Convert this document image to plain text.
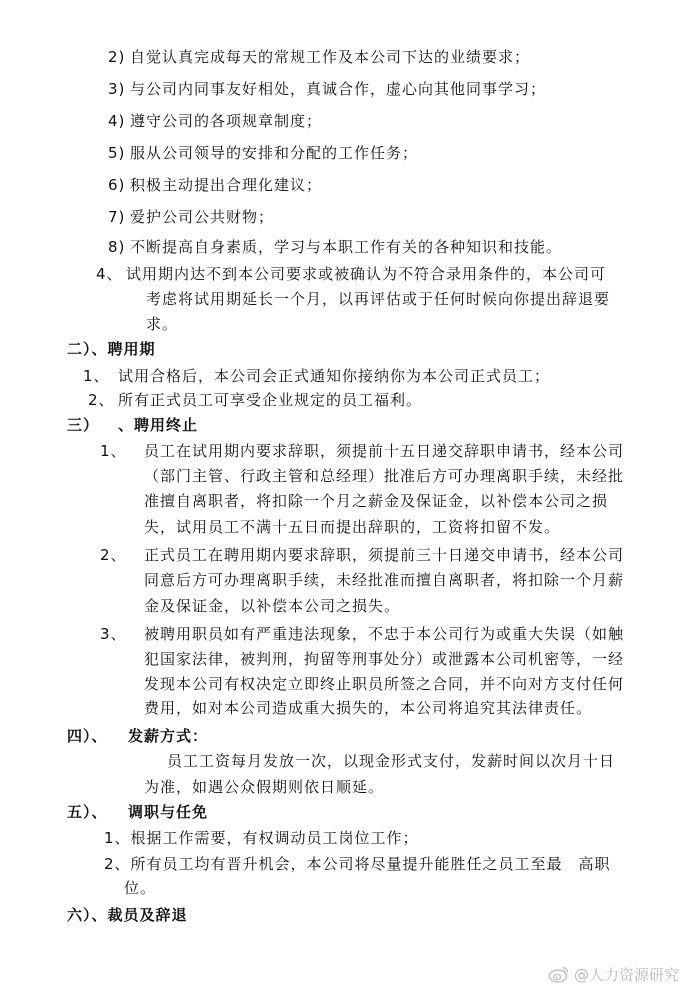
2) 自觉认真完成每天的常规工作及本公司下达的业绩要求；
3) 与公司内同事友好相处，真诚合作，虚心向其他同事学习；
4) 遵守公司的各项规章制度；
5) 服从公司领导的安排和分配的工作任务；
6) 积极主动提出合理化建议；
7) 爱护公司公共财物；
8) 不断提高自身素质，学习与本职工作有关的各种知识和技能。
4、 试用期内达不到本公司要求或被确认为不符合录用条件的，本公司可
考虑将试用期延长一个月，以再评估或于任何时候向你提出辞退要
求。
二）、聘用期
1、 试用合格后，本公司会正式通知你接纳你为本公司正式员工；
2、 所有正式员工可享受企业规定的员工福利。
三） 、聘用终止
1、 员工在试用期内要求辞职，须提前十五日递交辞职申请书，经本公司
（部门主管、行政主管和总经理）批准后方可办理离职手续，未经批
准擅自离职者，将扣除一个月之薪金及保证金，以补偿本公司之损
失，试用员工不满十五日而提出辞职的，工资将扣留不发。
2、 正式员工在聘用期内要求辞职，须提前三十日递交申请书，经本公司
同意后方可办理离职手续，未经批准而擅自离职者，将扣除一个月薪
金及保证金，以补偿本公司之损失。
3、 被聘用职员如有严重违法现象，不忠于本公司行为或重大失误（如触
犯国家法律，被判刑，拘留等刑事处分）或泄露本公司机密等，一经
发现本公司有权决定立即终止职员所签之合同，并不向对方支付任何
费用，如对本公司造成重大损失的，本公司将追究其法律责任。
四）、 发薪方式：
员工工资每月发放一次，以现金形式支付，发薪时间以次月十日
为准，如遇公众假期则依日顺延。
五）、 调职与任免
1、根据工作需要，有权调动员工岗位工作；
2、所有员工均有晋升机会，本公司将尽量提升能胜任之员工至最　高职
位。
六）、裁员及辞退
@人力资源研究
